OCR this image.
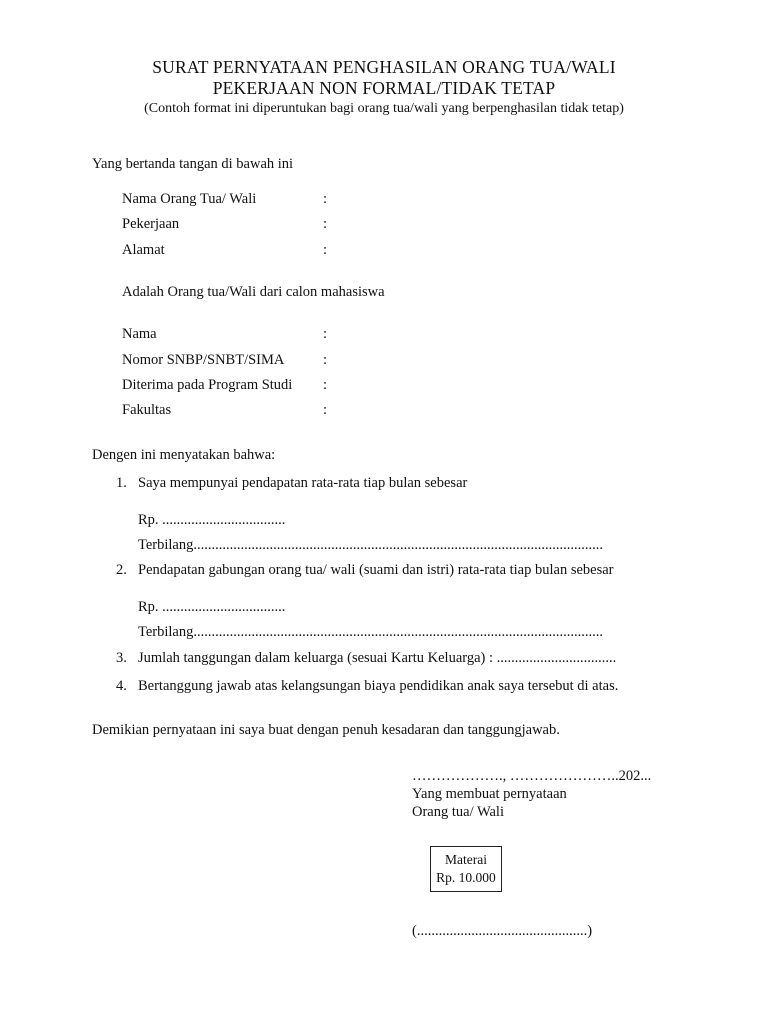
SURAT PERNYATAAN PENGHASILAN ORANG TUA/WALI
PEKERJAAN NON FORMAL/TIDAK TETAP
(Contoh format ini diperuntukan bagi orang tua/wali yang berpenghasilan tidak tetap)
Yang bertanda tangan di bawah ini
Nama Orang Tua/ Wali	:
Pekerjaan	:
Alamat	:
Adalah Orang tua/Wali dari calon mahasiswa
Nama	:
Nomor SNBP/SNBT/SIMA	:
Diterima pada Program Studi :
Fakultas	:
Dengen ini menyatakan bahwa:
1. Saya mempunyai pendapatan rata-rata tiap bulan sebesar
Rp. ..................................
Terbilang.................................................................................................................
2. Pendapatan gabungan orang tua/ wali (suami dan istri) rata-rata tiap bulan sebesar
Rp. ..................................
Terbilang.................................................................................................................
3. Jumlah tanggungan dalam keluarga (sesuai Kartu Keluarga) : .................................
4. Bertanggung jawab atas kelangsungan biaya pendidikan anak saya tersebut di atas.
Demikian pernyataan ini saya buat dengan penuh kesadaran dan tanggungjawab.
………………., …………………..202...
Yang membuat pernyataan
Orang tua/ Wali
Materai
Rp. 10.000
(...............................................)
